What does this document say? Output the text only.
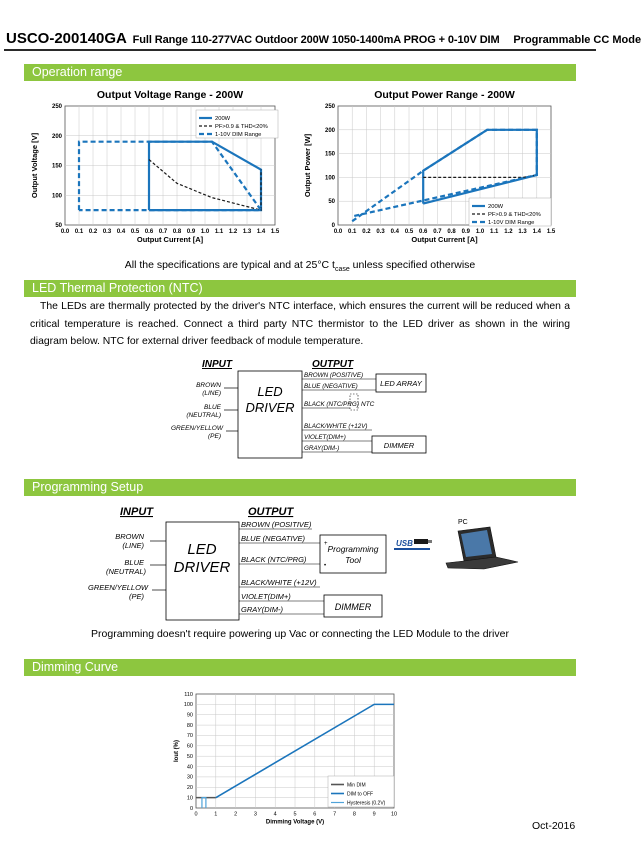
USCO-200140GA Full Range 110-277VAC Outdoor 200W 1050-1400mA PROG + 0-10V DIM Programmable CC Mode
Operation range
Output Voltage Range - 200W
0.0 0.1 0.2 0.3 0.4 0.5 0.6 0.7 0.8 0.9 1.0 1.1 1.2 1.3 1.4 1.5
50
100
150
200
250
Output Current [A]
Output Voltage [V]
200W
PF>0.9 & THD<20%
1-10V DIM Range
Output Power Range - 200W
0.0 0.1 0.2 0.3 0.4 0.5 0.6 0.7 0.8 0.9 1.0 1.1 1.2 1.3 1.4 1.5
0
50
100
150
200
250
Output Current [A]
Output Power [W]
200W
PF>0.9 & THD<20%
1-10V DIM Range
All the specifications are typical and at 25°C $t_{case}$ unless specified otherwise
LED Thermal Protection (NTC)
The LEDs are thermally protected by the driver's NTC interface, which ensures the current will be reduced when a critical temperature is reached. Connect a third party NTC thermistor to the LED driver as shown in the wiring diagram below. NTC for external driver feedback of module temperature.
INPUT	OUTPUT
LED
DRIVER
BROWN
(LINE)
BLUE
(NEUTRAL)
GREEN/YELLOW
(PE)
BROWN (POSITIVE)
BLUE (NEGATIVE)
BLACK (NTC/PRG)
BLACK/WHITE (+12V)
VIOLET(DIM+)
GRAY(DIM-)
LED ARRAY
NTC
DIMMER
Programming Setup
INPUT	OUTPUT
LED
DRIVER
BROWN
(LINE)
BLUE
(NEUTRAL)
GREEN/YELLOW
(PE)
BROWN (POSITIVE)
BLUE (NEGATIVE)
BLACK (NTC/PRG)
BLACK/WHITE (+12V)
VIOLET(DIM+)
GRAY(DIM-)
Programming
Tool
+
•
USB
PC
DIMMER
Programming doesn't require powering up Vac or connecting the LED Module to the driver
Dimming Curve
0	1	2	3	4	5	6	7	8	9	10
0
10
20
30
40
50
60
70
80
90
100
110
Dimming Voltage (V)
Iout (%)
Min DIM
DIM to OFF
Hysteresis (0.2V)
Oct-2016
